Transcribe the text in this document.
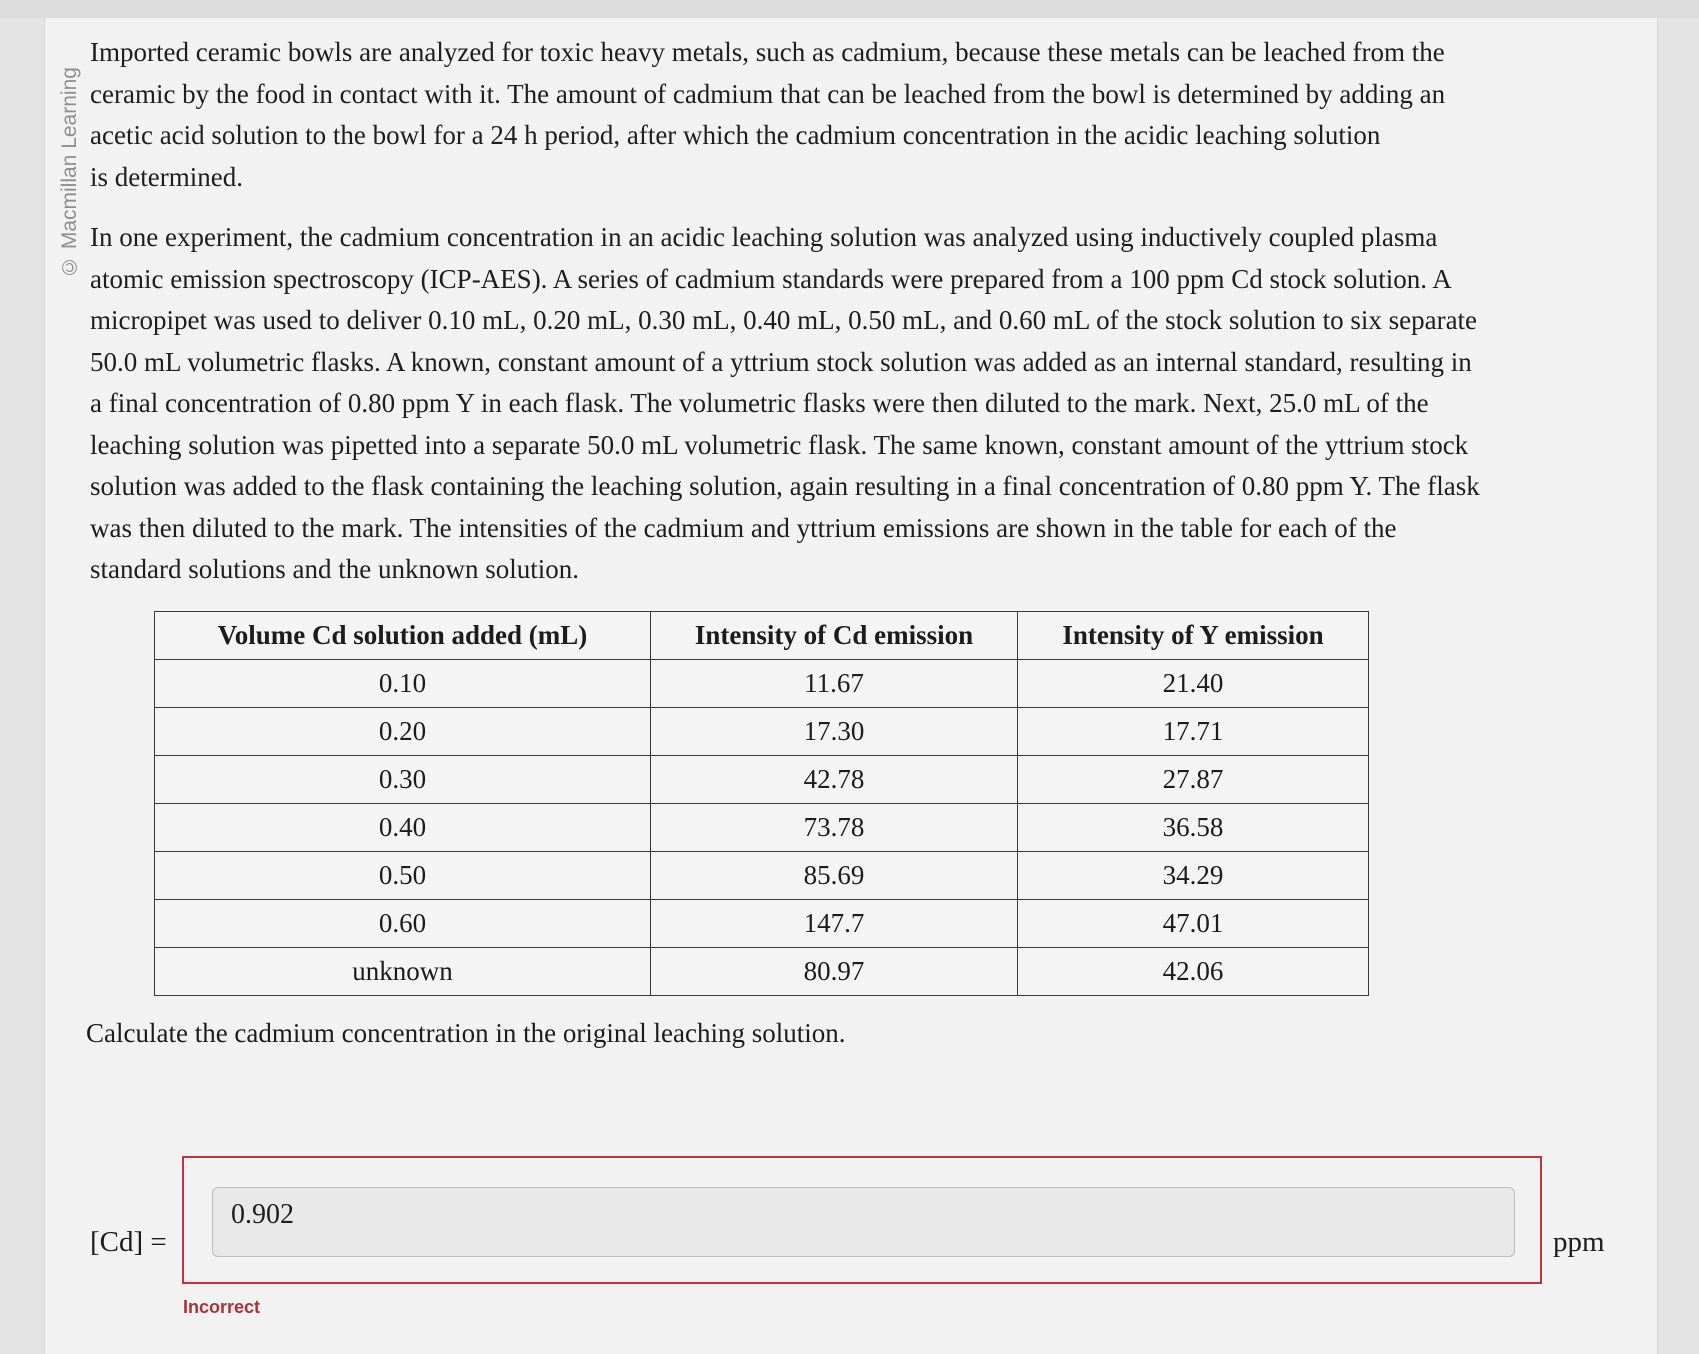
© Macmillan Learning

Imported ceramic bowls are analyzed for toxic heavy metals, such as cadmium, because these metals can be leached from the
ceramic by the food in contact with it. The amount of cadmium that can be leached from the bowl is determined by adding an
acetic acid solution to the bowl for a 24 h period, after which the cadmium concentration in the acidic leaching solution
is determined.

In one experiment, the cadmium concentration in an acidic leaching solution was analyzed using inductively coupled plasma
atomic emission spectroscopy (ICP-AES). A series of cadmium standards were prepared from a 100 ppm Cd stock solution. A
micropipet was used to deliver 0.10 mL, 0.20 mL, 0.30 mL, 0.40 mL, 0.50 mL, and 0.60 mL of the stock solution to six separate
50.0 mL volumetric flasks. A known, constant amount of a yttrium stock solution was added as an internal standard, resulting in
a final concentration of 0.80 ppm Y in each flask. The volumetric flasks were then diluted to the mark. Next, 25.0 mL of the
leaching solution was pipetted into a separate 50.0 mL volumetric flask. The same known, constant amount of the yttrium stock
solution was added to the flask containing the leaching solution, again resulting in a final concentration of 0.80 ppm Y. The flask
was then diluted to the mark. The intensities of the cadmium and yttrium emissions are shown in the table for each of the
standard solutions and the unknown solution.

Volume Cd solution added (mL)	Intensity of Cd emission	Intensity of Y emission
0.10	11.67	21.40
0.20	17.30	17.71
0.30	42.78	27.87
0.40	73.78	36.58
0.50	85.69	34.29
0.60	147.7	47.01
unknown	80.97	42.06

Calculate the cadmium concentration in the original leaching solution.

[Cd] =
0.902	ppm
Incorrect
